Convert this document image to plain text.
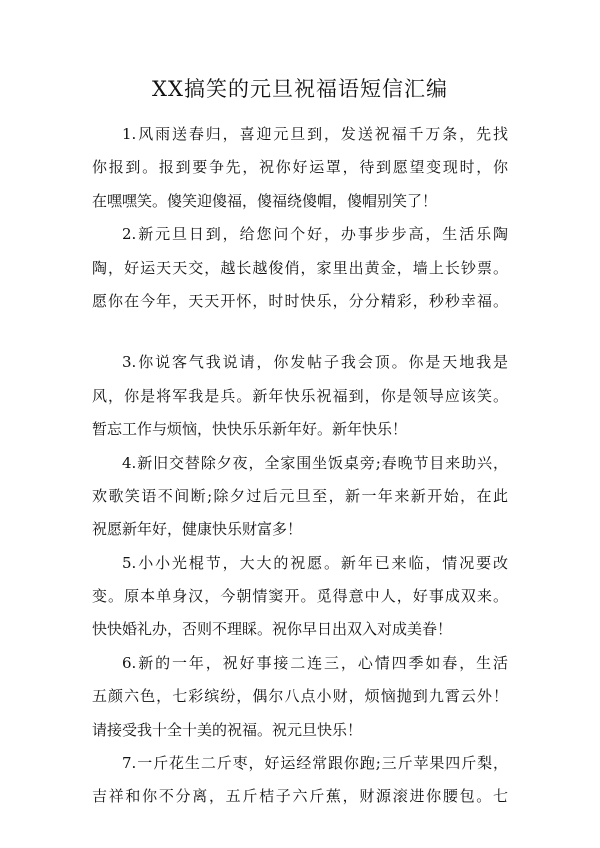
XX搞笑的元旦祝福语短信汇编
1.风雨送春归，喜迎元旦到，发送祝福千万条，先找
你报到。报到要争先，祝你好运罩，待到愿望变现时，你
在嘿嘿笑。傻笑迎傻福，傻福绕傻帽，傻帽别笑了！
2.新元旦日到，给您问个好，办事步步高，生活乐陶
陶，好运天天交，越长越俊俏，家里出黄金，墙上长钞票。
愿你在今年，天天开怀，时时快乐，分分精彩，秒秒幸福。
3.你说客气我说请，你发帖子我会顶。你是天地我是
风，你是将军我是兵。新年快乐祝福到，你是领导应该笑。
暂忘工作与烦恼，快快乐乐新年好。新年快乐！
4.新旧交替除夕夜，全家围坐饭桌旁;春晚节目来助兴，
欢歌笑语不间断;除夕过后元旦至，新一年来新开始，在此
祝愿新年好，健康快乐财富多！
5.小小光棍节，大大的祝愿。新年已来临，情况要改
变。原本单身汉，今朝情窦开。觅得意中人，好事成双来。
快快婚礼办，否则不理睬。祝你早日出双入对成美眷！
6.新的一年，祝好事接二连三，心情四季如春，生活
五颜六色，七彩缤纷，偶尔八点小财，烦恼抛到九霄云外！
请接受我十全十美的祝福。祝元旦快乐！
7.一斤花生二斤枣，好运经常跟你跑;三斤苹果四斤梨，
吉祥和你不分离，五斤桔子六斤蕉，财源滚进你腰包。七
